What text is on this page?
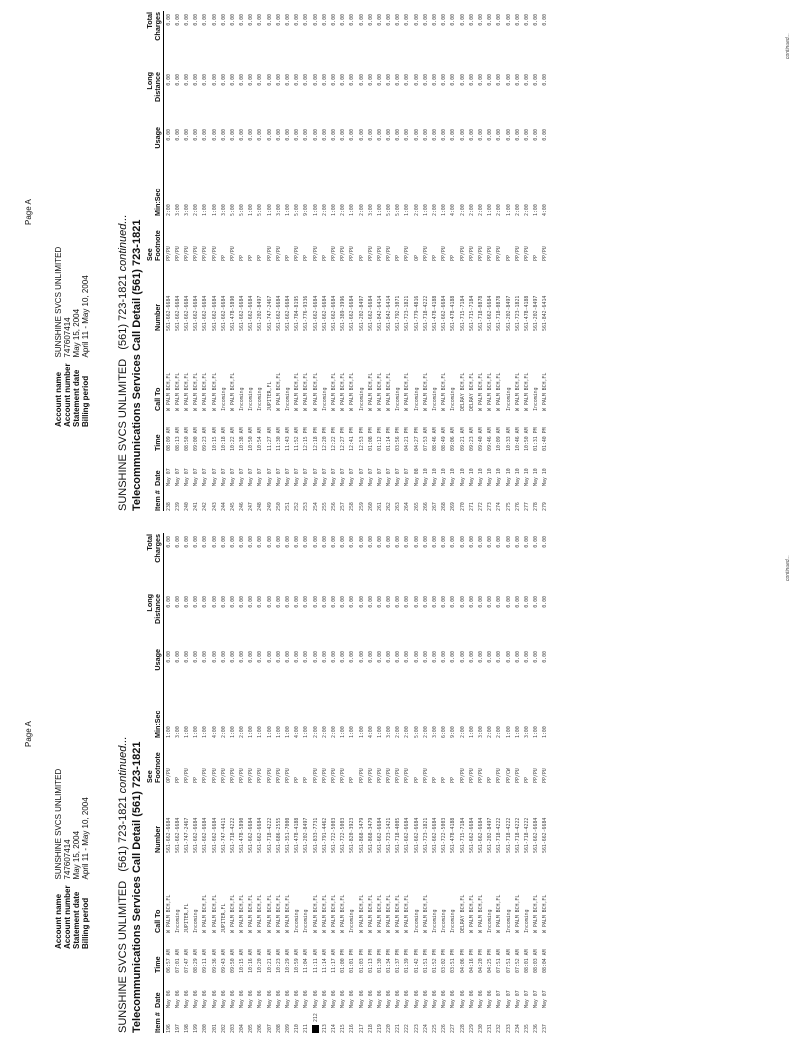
Page A
Account name	SUNSHINE SVCS UNLIMITED
Account number	747607414
Statement date	May 15, 2004
Billing period	April 11 - May 10, 2004
SUNSHINE SVCS UNLIMITED   (561) 723-1821 continued... Telecommunications Services Call Detail (561) 723-1821 Item #	Date	Time	Call To	Number	See
Footnote	Min:Sec	Usage	Long
Distance	Total
Charges
196	May 06	06:57 AM	W PALM BCH,FL	561-662-6684	OP/PU	1:00	0.00	0.00	0.00
197	May 06	07:01 AM	Incoming	561-662-6684	PP	3:00	0.00	0.00	0.00
198	May 06	07:47 AM	JUPITER,FL	561-747-2467	PP/PU	1:00	0.00	0.00	0.00
199	May 06	08:29 AM	Incoming	561-662-6684	PP	1:00	0.00	0.00	0.00
200	May 06	09:11 AM	W PALM BCH,FL	561-662-6684	PP/PU	1:00	0.00	0.00	0.00
201	May 06	09:36 AM	W PALM BCH,FL	561-662-6684	PP/PU	4:00	0.00	0.00	0.00
202	May 06	09:43 AM	JUPITER,FL	561-747-4411	PP/PU	2:00	0.00	0.00	0.00
203	May 06	09:50 AM	W PALM BCH,FL	561-718-4222	PP/PU	1:00	0.00	0.00	0.00
204	May 06	10:15 AM	W PALM BCH,FL	561-478-5890	PP/PU	2:00	0.00	0.00	0.00
205	May 06	10:16 AM	W PALM BCH,FL	561-662-6684	PP/PU	1:00	0.00	0.00	0.00
206	May 06	10:20 AM	W PALM BCH,FL	561-662-6684	PP/PU	1:00	0.00	0.00	0.00
207	May 06	10:21 AM	W PALM BCH,FL	561-718-4222	PP/PU	1:00	0.00	0.00	0.00
208	May 06	10:23 AM	W PALM BCH,FL	561-686-2555	PP/PU	1:00	0.00	0.00	0.00
209	May 06	10:29 AM	W PALM BCH,FL	561-351-7000	PP/PU	1:00	0.00	0.00	0.00
210	May 06	10:59 AM	Incoming	561-478-4188	PP	4:00	0.00	0.00	0.00
211	May 06	11:04 AM	Incoming	561-202-8497	PP	1:00	0.00	0.00	0.00
212	May 06	11:11 AM	W PALM BCH,FL	561-833-7731	PP/PU	2:00	0.00	0.00	0.00
213	May 06	11:14 AM	W PALM BCH,FL	561-791-4462	PP/PU	2:00	0.00	0.00	0.00
214	May 06	11:17 AM	W PALM BCH,FL	561-722-5003	PP/PU	2:00	0.00	0.00	0.00
215	May 06	01:00 PM	W PALM BCH,FL	561-722-5003	PP/PU	1:00	0.00	0.00	0.00
216	May 06	01:01 PM	Incoming	561-820-3923	PP	1:00	0.00	0.00	0.00
217	May 06	01:03 PM	W PALM BCH,FL	561-868-3479	PP/PU	1:00	0.00	0.00	0.00
218	May 06	01:13 PM	W PALM BCH,FL	561-868-3479	PP/PU	4:00	0.00	0.00	0.00
219	May 06	01:30 PM	W PALM BCH,FL	561-662-6684	PP/PU	1:00	0.00	0.00	0.00
220	May 06	01:34 PM	W PALM BCH,FL	561-723-1421	PP/PU	3:00	0.00	0.00	0.00
221	May 06	01:37 PM	W PALM BCH,FL	561-718-4005	PP/PU	2:00	0.00	0.00	0.00
222	May 06	01:39 PM	W PALM BCH,FL	561-662-6684	PP/PU	2:00	0.00	0.00	0.00
223	May 06	01:42 PM	Incoming	561-662-6684	PP	5:00	0.00	0.00	0.00
224	May 06	01:51 PM	W PALM BCH,FL	561-723-1821	PP/PU	2:00	0.00	0.00	0.00
225	May 06	01:52 PM	Incoming	561-662-6684	PP	3:00	0.00	0.00	0.00
226	May 06	03:02 PM	Incoming	561-722-5003	PP	6:00	0.00	0.00	0.00
227	May 06	03:51 PM	Incoming	561-478-4188	PP	9:00	0.00	0.00	0.00
228	May 06	04:06 PM	DELRAY BCH,FL	561-715-7184	PP/PU	2:00	0.00	0.00	0.00
229	May 06	04:16 PM	W PALM BCH,FL	561-662-6684	PP/PU	1:00	0.00	0.00	0.00
230	May 06	04:20 PM	W PALM BCH,FL	561-662-6684	PP/PU	3:00	0.00	0.00	0.00
231	May 06	04:25 PM	Incoming	561-202-8497	PP	2:00	0.00	0.00	0.00
232	May 07	07:51 AM	W PALM BCH,FL	561-718-4222	PP/PU	2:00	0.00	0.00	0.00
233	May 07	07:51 AM	Incoming	561-718-4222	PP/CW	1:00	0.00	0.00	0.00
234	May 07	07:52 AM	W PALM BCH,FL	561-718-4222	PP/PU	1:00	0.00	0.00	0.00
235	May 07	08:01 AM	Incoming	561-718-4222	PP	3:00	0.00	0.00	0.00
236	May 07	08:03 AM	W PALM BCH,FL	561-662-6684	PP/PU	1:00	0.00	0.00	0.00
237	May 07	08:04 AM	W PALM BCH,FL	561-662-6684	PP/PU	1:00	0.00	0.00	0.00
continued...
Page A
Account name	SUNSHINE SVCS UNLIMITED
Account number	747607414
Statement date	May 15, 2004
Billing period	April 11 - May 10, 2004
SUNSHINE SVCS UNLIMITED   (561) 723-1821 continued... Telecommunications Services Call Detail (561) 723-1821 Item #	Date	Time	Call To	Number	See
Footnote	Min:Sec	Usage	Long
Distance	Total
Charges
238	May 07	08:09 AM	W PALM BCH,FL	561-662-6684	PP/PU	2:00	0.00	0.00	0.00
239	May 07	08:13 AM	W PALM BCH,FL	561-662-6684	PP/PU	3:00	0.00	0.00	0.00
240	May 07	08:50 AM	W PALM BCH,FL	561-662-6684	PP/PU	3:00	0.00	0.00	0.00
241	May 07	09:00 AM	W PALM BCH,FL	561-662-6684	PP/PU	2:00	0.00	0.00	0.00
242	May 07	09:23 AM	W PALM BCH,FL	561-662-6684	PP/PU	1:00	0.00	0.00	0.00
243	May 07	10:15 AM	W PALM BCH,FL	561-662-6684	PP/PU	1:00	0.00	0.00	0.00
244	May 07	10:18 AM	Incoming	561-662-6684	PP	3:00	0.00	0.00	0.00
245	May 07	10:22 AM	W PALM BCH,FL	561-478-5890	PP/PU	5:00	0.00	0.00	0.00
246	May 07	10:38 AM	Incoming	561-662-6684	PP	5:00	0.00	0.00	0.00
247	May 07	10:50 AM	Incoming	561-662-6684	PP	1:00	0.00	0.00	0.00
248	May 07	10:54 AM	Incoming	561-202-8497	PP	5:00	0.00	0.00	0.00
249	May 07	11:27 AM	JUPITER,FL	561-747-2467	PP/PU	1:00	0.00	0.00	0.00
250	May 07	11:30 AM	W PALM BCH,FL	561-662-6684	PP/PU	3:00	0.00	0.00	0.00
251	May 07	11:43 AM	Incoming	561-662-6684	PP	1:00	0.00	0.00	0.00
252	May 07	11:52 AM	W PALM BCH,FL	561-784-8195	PP/PU	5:00	0.00	0.00	0.00
253	May 07	12:15 PM	W PALM BCH,FL	561-776-9336	PP	9:00	0.00	0.00	0.00
254	May 07	12:18 PM	W PALM BCH,FL	561-662-6684	PP/PU	1:00	0.00	0.00	0.00
255	May 07	12:20 PM	Incoming	561-662-6684	PP	2:00	0.00	0.00	0.00
256	May 07	12:22 PM	W PALM BCH,FL	561-662-6684	PP/PU	1:00	0.00	0.00	0.00
257	May 07	12:27 PM	W PALM BCH,FL	561-389-3996	PP/PU	2:00	0.00	0.00	0.00
258	May 07	12:41 PM	W PALM BCH,FL	561-662-6684	PP/PU	1:00	0.00	0.00	0.00
259	May 07	12:53 PM	Incoming	561-202-8497	PP	2:00	0.00	0.00	0.00
260	May 07	01:08 PM	W PALM BCH,FL	561-662-6684	PP/PU	3:00	0.00	0.00	0.00
261	May 07	01:12 PM	W PALM BCH,FL	561-842-6414	PP/PU	1:00	0.00	0.00	0.00
262	May 07	01:14 PM	W PALM BCH,FL	561-842-6414	PP/PU	5:00	0.00	0.00	0.00
263	May 07	03:56 PM	Incoming	561-792-3071	PP	5:00	0.00	0.00	0.00
264	May 07	04:21 PM	W PALM BCH,FL	561-723-1821	PP/PU	1:00	0.00	0.00	0.00
265	May 08	04:27 PM	Incoming	561-779-4816	OP	2:00	0.00	0.00	0.00
266	May 10	07:53 AM	W PALM BCH,FL	561-718-4222	PP/PU	1:00	0.00	0.00	0.00
267	May 10	08:46 AM	Incoming	561-478-4188	PP	2:00	0.00	0.00	0.00
268	May 10	08:49 AM	W PALM BCH,FL	561-662-6684	PP/PU	1:00	0.00	0.00	0.00
269	May 10	09:06 AM	Incoming	561-478-4188	PP	4:00	0.00	0.00	0.00
270	May 10	09:21 AM	DELRAY BCH,FL	561-715-7184	PP/PU	2:00	0.00	0.00	0.00
271	May 10	09:23 AM	DELRAY BCH,FL	561-715-7184	PP/PU	2:00	0.00	0.00	0.00
272	May 10	09:40 AM	W PALM BCH,FL	561-718-0878	PP/PU	2:00	0.00	0.00	0.00
273	May 10	09:46 AM	W PALM BCH,FL	561-662-6684	PP/PU	1:00	0.00	0.00	0.00
274	May 10	10:09 AM	W PALM BCH,FL	561-718-0878	PP/PU	2:00	0.00	0.00	0.00
275	May 10	10:33 AM	Incoming	561-202-8497	PP	1:00	0.00	0.00	0.00
276	May 10	10:46 AM	W PALM BCH,FL	561-723-1821	PP/PU	2:00	0.00	0.00	0.00
277	May 10	10:50 AM	W PALM BCH,FL	561-478-4188	PP/PU	2:00	0.00	0.00	0.00
278	May 10	01:31 PM	Incoming	561-202-8497	PP	1:00	0.00	0.00	0.00
279	May 10	01:40 PM	W PALM BCH,FL	561-842-6414	PP/PU	4:00	0.00	0.00	0.00
continued...
